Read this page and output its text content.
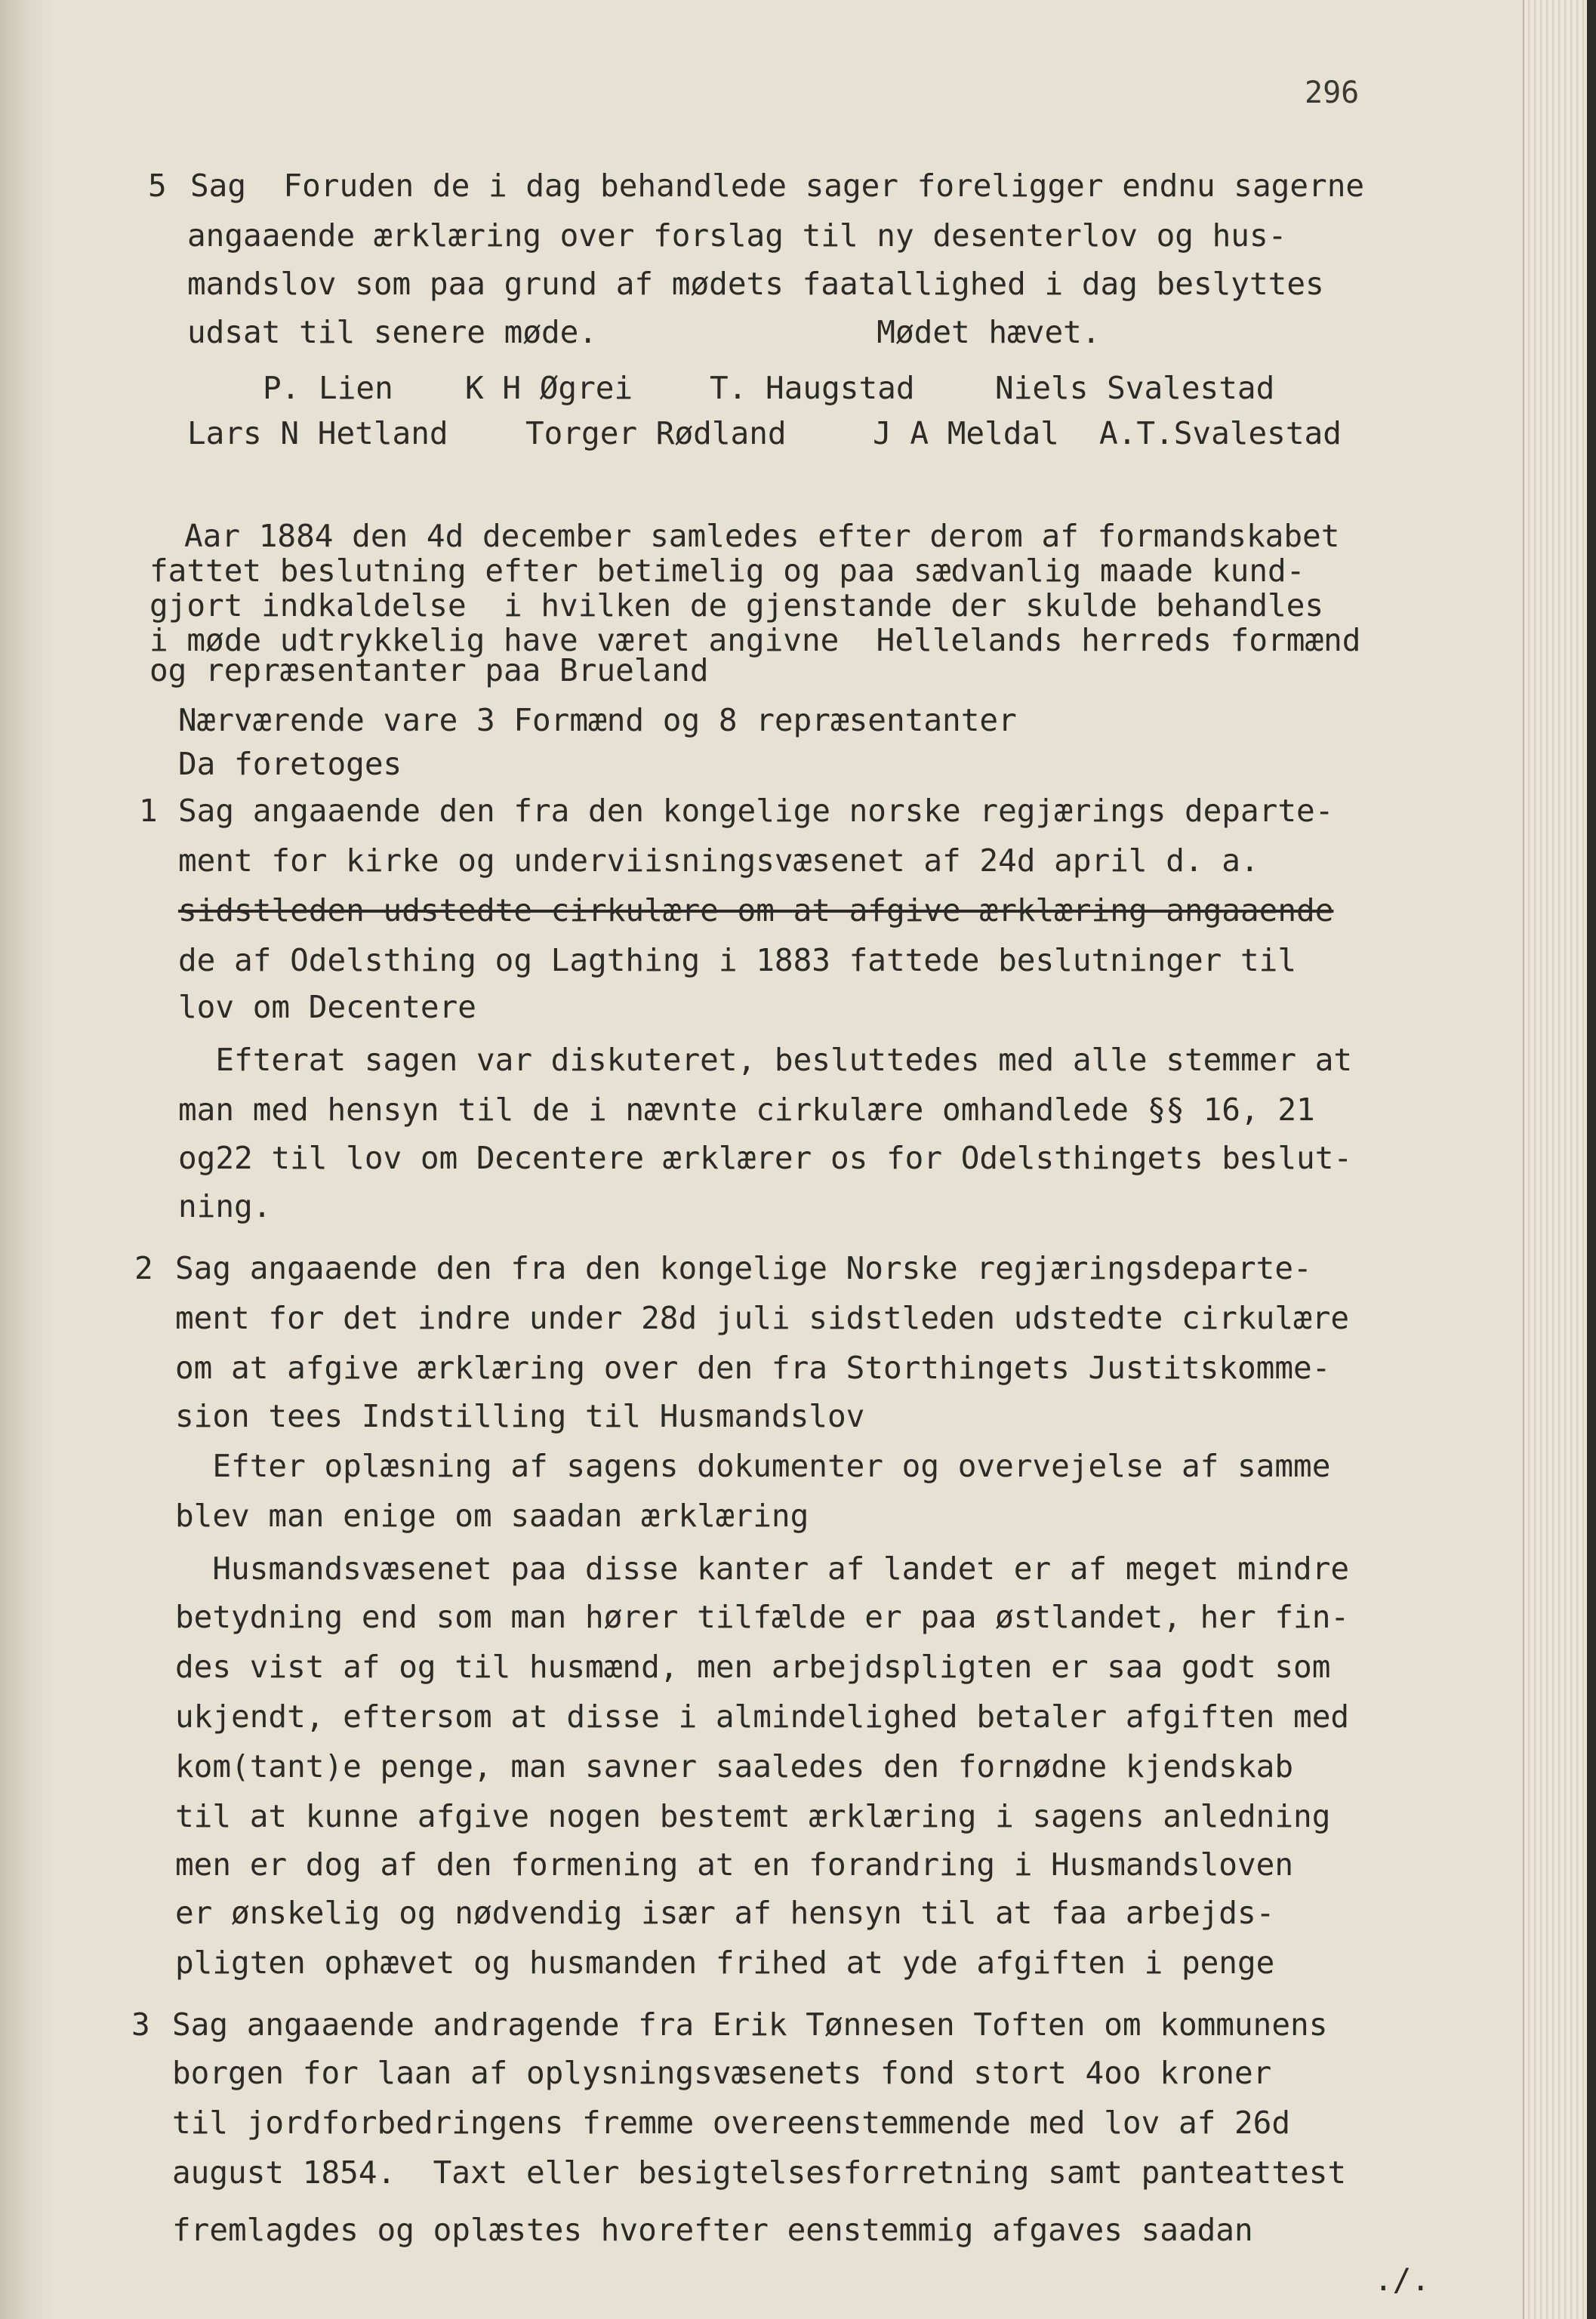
296
5 Sag  Foruden de i dag behandlede sager foreligger endnu sagerne
angaaende ærklæring over forslag til ny desenterlov og hus-
mandslov som paa grund af mødets faatallighed i dag beslyttes
udsat til senere møde.               Mødet hævet.
P. Lien K H Øgrei T. Haugstad	Niels Svalestad
Lars N Hetland Torger Rødland	J A Meldal A.T.Svalestad
Aar 1884 den 4d december samledes efter derom af formandskabet
fattet beslutning efter betimelig og paa sædvanlig maade kund-
gjort indkaldelse  i hvilken de gjenstande der skulde behandles
i møde udtrykkelig have været angivne  Hellelands herreds formænd
og repræsentanter paa Brueland
Nærværende vare 3 Formænd og 8 repræsentanter
Da foretoges
1 Sag angaaende den fra den kongelige norske regjærings departe-
ment for kirke og underviisningsvæsenet af 24d april d. a.
sidstleden udstedte cirkulære om at afgive ærklæring angaaende
de af Odelsthing og Lagthing i 1883 fattede beslutninger til
lov om Decentere
Efterat sagen var diskuteret, besluttedes med alle stemmer at
man med hensyn til de i nævnte cirkulære omhandlede §§ 16, 21
og22 til lov om Decentere ærklærer os for Odelsthingets beslut-
ning.
2 Sag angaaende den fra den kongelige Norske regjæringsdeparte-
ment for det indre under 28d juli sidstleden udstedte cirkulære
om at afgive ærklæring over den fra Storthingets Justitskomme-
sion tees Indstilling til Husmandslov
Efter oplæsning af sagens dokumenter og overvejelse af samme
blev man enige om saadan ærklæring
Husmandsvæsenet paa disse kanter af landet er af meget mindre
betydning end som man hører tilfælde er paa østlandet, her fin-
des vist af og til husmænd, men arbejdspligten er saa godt som
ukjendt, eftersom at disse i almindelighed betaler afgiften med
kom(tant)e penge, man savner saaledes den fornødne kjendskab
til at kunne afgive nogen bestemt ærklæring i sagens anledning
men er dog af den formening at en forandring i Husmandsloven
er ønskelig og nødvendig især af hensyn til at faa arbejds-
pligten ophævet og husmanden frihed at yde afgiften i penge
3 Sag angaaende andragende fra Erik Tønnesen Toften om kommunens
borgen for laan af oplysningsvæsenets fond stort 4oo kroner
til jordforbedringens fremme overeenstemmende med lov af 26d
august 1854.  Taxt eller besigtelsesforretning samt panteattest
fremlagdes og oplæstes hvorefter eenstemmig afgaves saadan
./.
